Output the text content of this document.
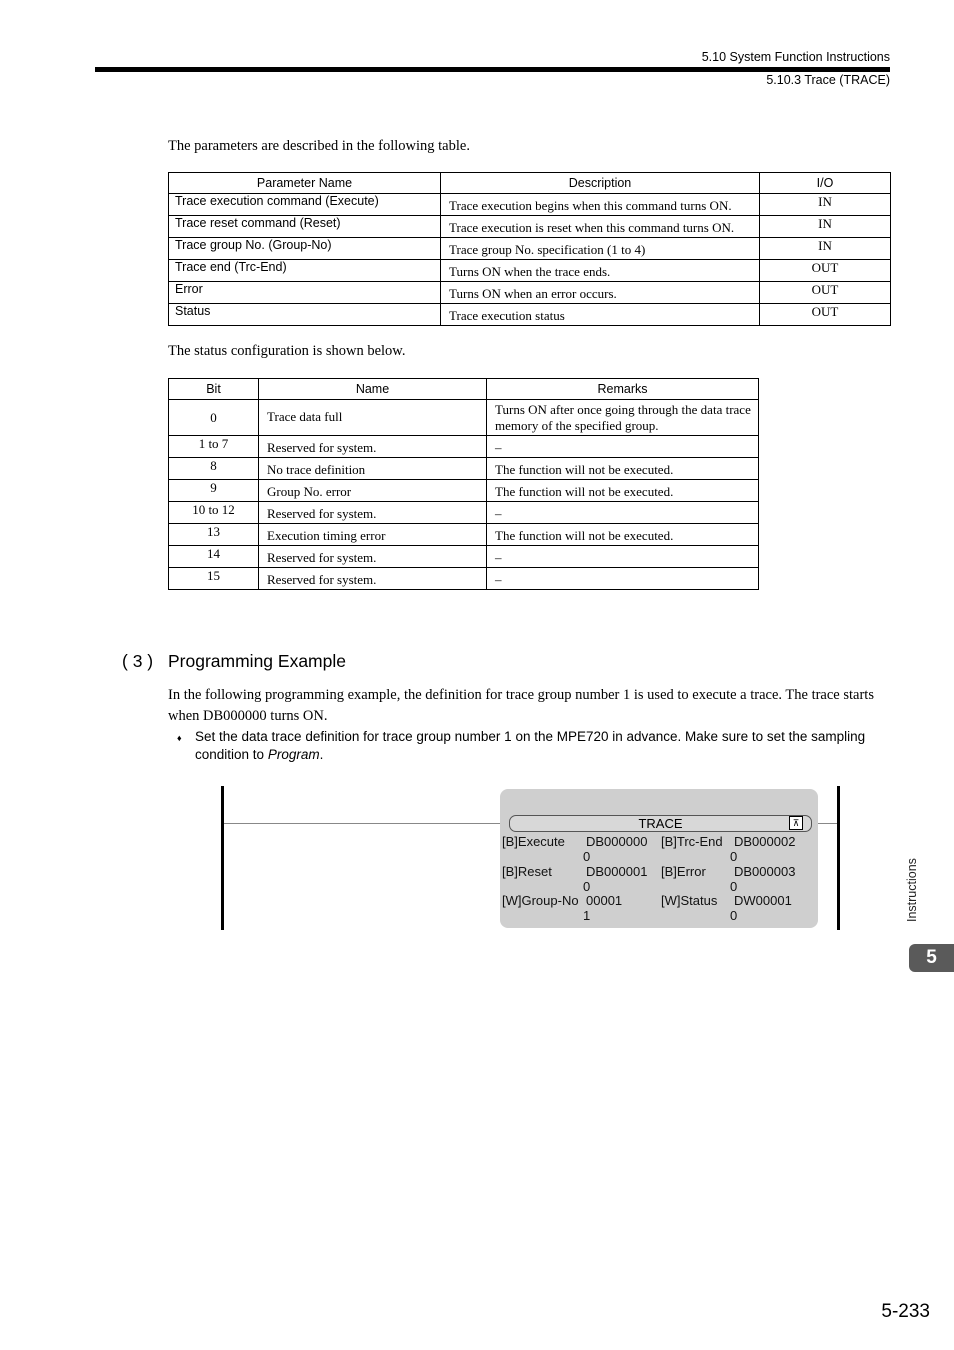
5.10 System Function Instructions
5.10.3 Trace (TRACE)
The parameters are described in the following table.
Parameter Name	Description	I/O
Trace execution command (Execute)	Trace execution begins when this command turns ON.	IN
Trace reset command (Reset)	Trace execution is reset when this command turns ON.	IN
Trace group No. (Group-No)	Trace group No. specification (1 to 4)	IN
Trace end (Trc-End)	Turns ON when the trace ends.	OUT
Error	Turns ON when an error occurs.	OUT
Status	Trace execution status	OUT
The status configuration is shown below.
Bit	Name	Remarks
0	Trace data full	Turns ON after once going through the data trace memory of the specified group.
1 to 7	Reserved for system.	–
8	No trace definition	The function will not be executed.
9	Group No. error	The function will not be executed.
10 to 12	Reserved for system.	–
13	Execution timing error	The function will not be executed.
14	Reserved for system.	–
15	Reserved for system.	–
( 3 ) Programming Example
In the following programming example, the definition for trace group number 1 is used to execute a trace. The trace starts when DB000000 turns ON.
♦ Set the data trace definition for trace group number 1 on the MPE720 in advance. Make sure to set the sampling condition to Program.
TRACE	⊼
[B]Execute DB000000
0
[B]Reset	DB000001
0
[W]Group-No 00001
1
[B]Trc-End DB000002
0
[B]Error DB000003
0
[W]Status DW00001
0	Instructions
5
5-233
